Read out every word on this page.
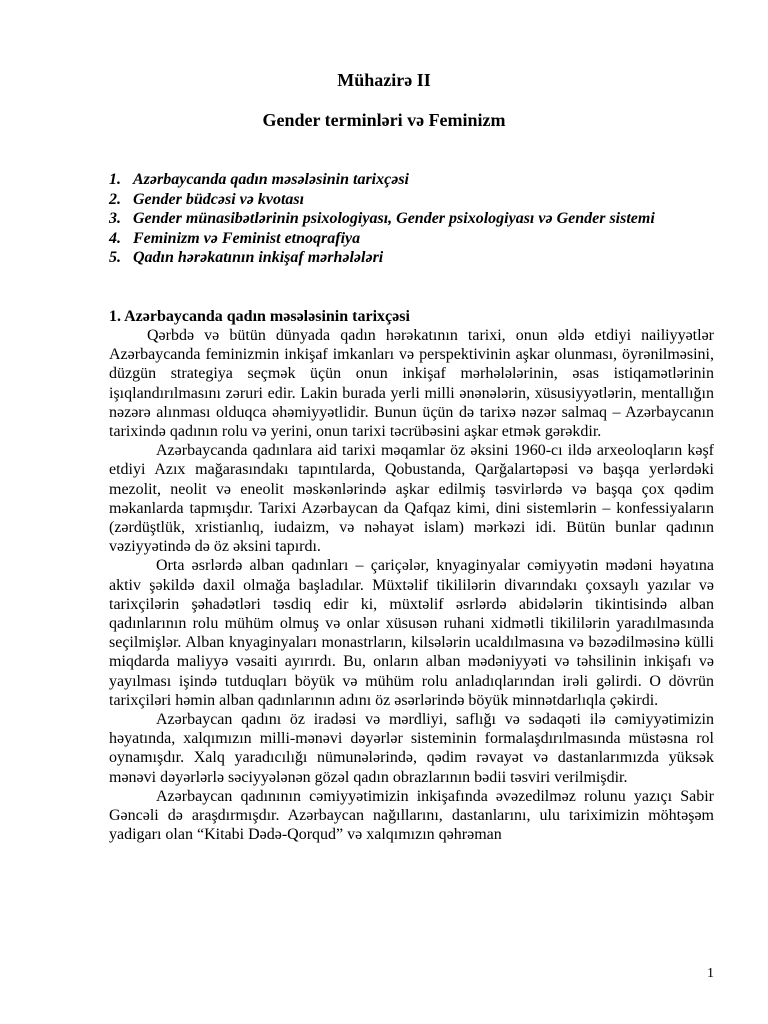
Mühazirə II
Gender terminləri və Feminizm
1. Azərbaycanda qadın məsələsinin tarixçəsi
2. Gender büdcəsi və kvotası
3. Gender münasibətlərinin psixologiyası, Gender psixologiyası və Gender sistemi
4. Feminizm və Feminist etnoqrafiya
5. Qadın hərəkatının inkişaf mərhələləri
1. Azərbaycanda qadın məsələsinin tarixçəsi

Qərbdə və bütün dünyada qadın hərəkatının tarixi, onun əldə etdiyi nailiyyətlər Azərbaycanda feminizmin inkişaf imkanları və perspektivinin aşkar olunması, öyrənilməsini, düzgün strategiya seçmək üçün onun inkişaf mərhələlərinin, əsas istiqamətlərinin işıqlandırılmasını zəruri edir. Lakin burada yerli milli ənənələrin, xüsusiyyətlərin, mentallığın nəzərə alınması olduqca əhəmiyyətlidir. Bunun üçün də tarixə nəzər salmaq – Azərbaycanın tarixində qadının rolu və yerini, onun tarixi təcrübəsini aşkar etmək gərəkdir.

Azərbaycanda qadınlara aid tarixi məqamlar öz əksini 1960-cı ildə arxeoloqların kəşf etdiyi Azıx mağarasındakı tapıntılarda, Qobustanda, Qarğalartəpəsi və başqa yerlərdəki mezolit, neolit və eneolit məskənlərində aşkar edilmiş təsvirlərdə və başqa çox qədim məkanlarda tapmışdır. Tarixi Azərbaycan da Qafqaz kimi, dini sistemlərin – konfessiyaların (zərdüştlük, xristianlıq, iudaizm, və nəhayət islam) mərkəzi idi. Bütün bunlar qadının vəziyyətində də öz əksini tapırdı.

Orta əsrlərdə alban qadınları – çariçələr, knyaginyalar cəmiyyətin mədəni həyatına aktiv şəkildə daxil olmağa başladılar. Müxtəlif tikililərin divarındakı çoxsaylı yazılar və tarixçilərin şəhadətləri təsdiq edir ki, müxtəlif əsrlərdə abidələrin tikintisində alban qadınlarının rolu mühüm olmuş və onlar xüsusən ruhani xidmətli tikililərin yaradılmasında seçilmişlər. Alban knyaginyaları monastrların, kilsələrin ucaldılmasına və bəzədilməsinə külli miqdarda maliyyə vəsaiti ayırırdı. Bu, onların alban mədəniyyəti və təhsilinin inkişafı və yayılması işində tutduqları böyük və mühüm rolu anladıqlarından irəli gəlirdi. O dövrün tarixçiləri həmin alban qadınlarının adını öz əsərlərində böyük minnətdarlıqla çəkirdi.

Azərbaycan qadını öz iradəsi və mərdliyi, saflığı və sədaqəti ilə cəmiyyətimizin həyatında, xalqımızın milli-mənəvi dəyərlər sisteminin formalaşdırılmasında müstəsna rol oynamışdır. Xalq yaradıcılığı nümunələrində, qədim rəvayət və dastanlarımızda yüksək mənəvi dəyərlərlə səciyyələnən gözəl qadın obrazlarının bədii təsviri verilmişdir.

Azərbaycan qadınının cəmiyyətimizin inkişafında əvəzedilməz rolunu yazıçı Sabir Gəncəli də araşdırmışdır. Azərbaycan nağıllarını, dastanlarını, ulu tariximizin möhtəşəm yadigarı olan “Kitabi Dədə-Qorqud” və xalqımızın qəhrəman

1
